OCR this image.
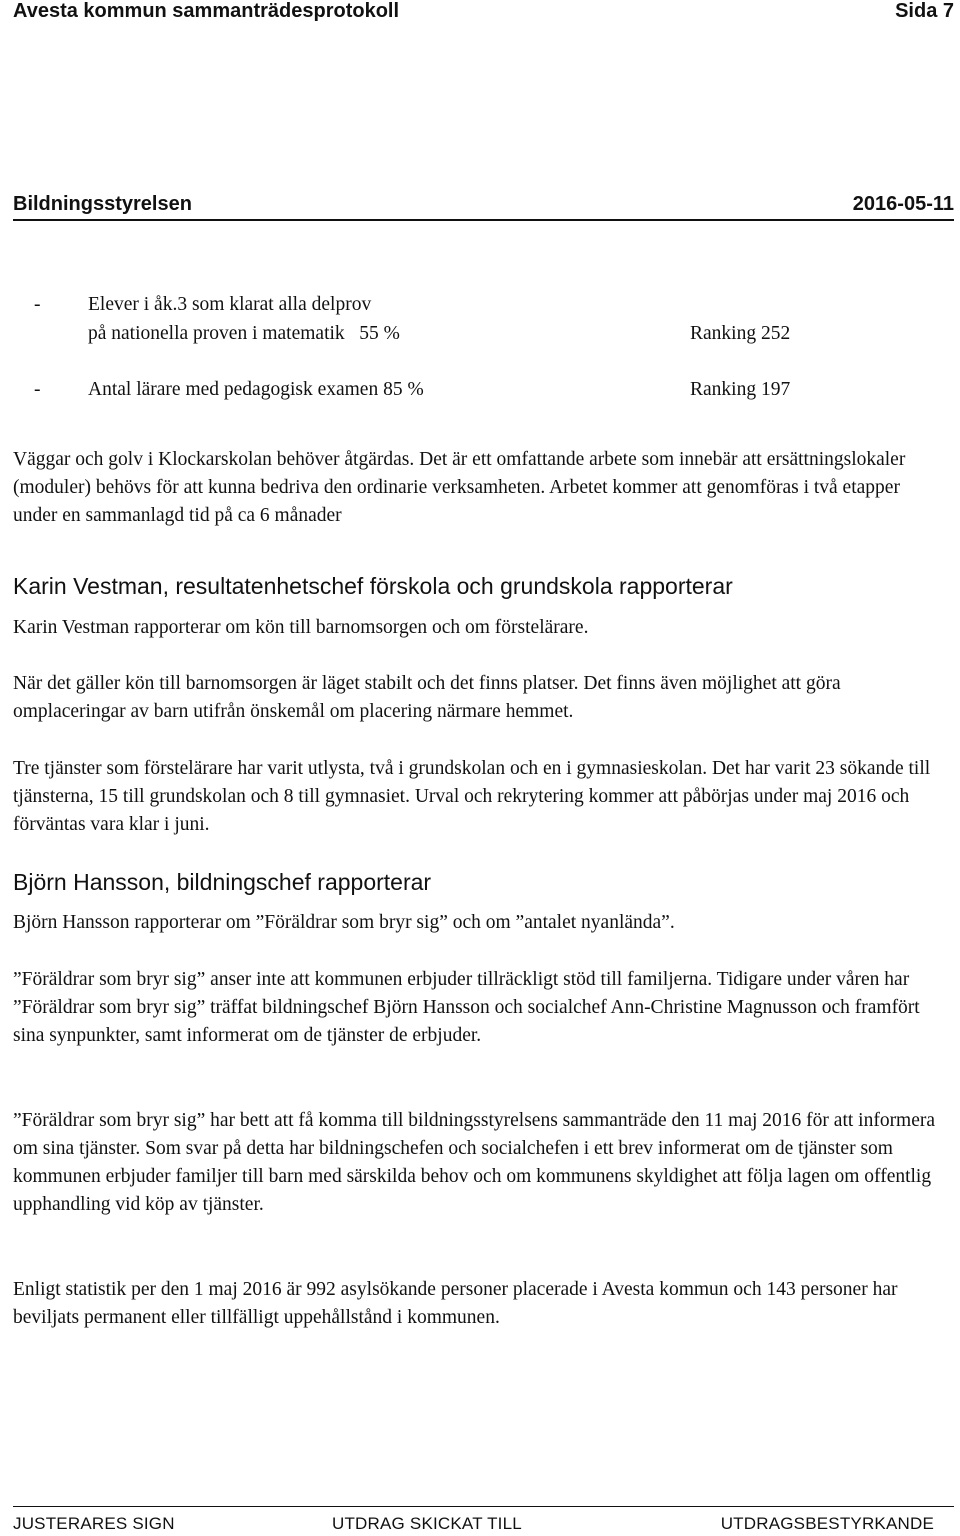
Avesta kommun sammanträdesprotokoll	Sida 7
Bildningsstyrelsen	2016-05-11
-	Elever i åk.3 som klarat alla delprov
på nationella proven i matematik   55 %	Ranking 252
-	Antal lärare med pedagogisk examen 85 %	Ranking 197
Väggar och golv i Klockarskolan behöver åtgärdas. Det är ett omfattande arbete som innebär att ersättningslokaler (moduler) behövs för att kunna bedriva den ordinarie verksamheten. Arbetet kommer att genomföras i två etapper under en sammanlagd tid på ca 6 månader
Karin Vestman, resultatenhetschef förskola och grundskola rapporterar
Karin Vestman rapporterar om kön till barnomsorgen och om förstelärare.
När det gäller kön till barnomsorgen är läget stabilt och det finns platser. Det finns även möjlighet att göra omplaceringar av barn utifrån önskemål om placering närmare hemmet.
Tre tjänster som förstelärare har varit utlysta, två i grundskolan och en i gymnasieskolan. Det har varit 23 sökande till tjänsterna, 15 till grundskolan och 8 till gymnasiet. Urval och rekrytering kommer att påbörjas under maj 2016 och förväntas vara klar i juni.
Björn Hansson, bildningschef rapporterar
Björn Hansson rapporterar om ”Föräldrar som bryr sig” och om ”antalet nyanlända”.
”Föräldrar som bryr sig” anser inte att kommunen erbjuder tillräckligt stöd till familjerna. Tidigare under våren har ”Föräldrar som bryr sig” träffat bildningschef Björn Hansson och socialchef Ann-Christine Magnusson och framfört sina synpunkter, samt informerat om de tjänster de erbjuder.
”Föräldrar som bryr sig” har bett att få komma till bildningsstyrelsens sammanträde den 11 maj 2016 för att informera om sina tjänster. Som svar på detta har bildningschefen och socialchefen i ett brev informerat om de tjänster som kommunen erbjuder familjer till barn med särskilda behov och om kommunens skyldighet att följa lagen om offentlig upphandling vid köp av tjänster.
Enligt statistik per den 1 maj 2016 är 992 asylsökande personer placerade i Avesta kommun och 143 personer har beviljats permanent eller tillfälligt uppehållstånd i kommunen.
JUSTERARES SIGN	UTDRAG SKICKAT TILL	UTDRAGSBESTYRKANDE
